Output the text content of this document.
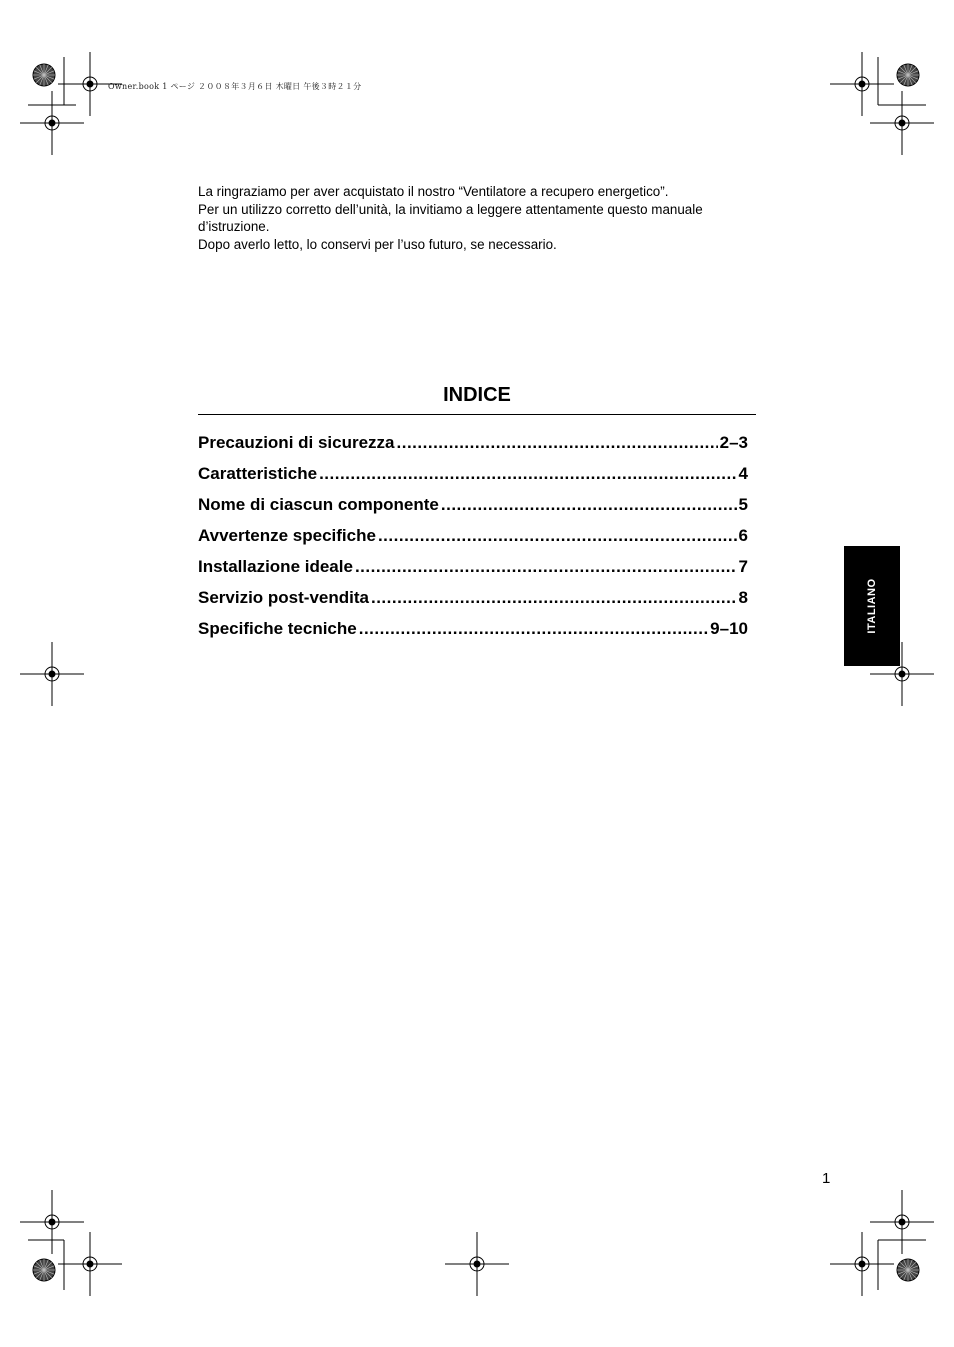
Owner.book 1 ページ ２００８年３月６日 木曜日 午後３時２１分

La ringraziamo per aver acquistato il nostro “Ventilatore a recupero energetico”.

Per un utilizzo corretto dell’unità, la invitiamo a leggere attentamente questo manuale d’istruzione.

Dopo averlo letto, lo conservi per l’uso futuro, se necessario.

INDICE
Precauzioni di sicurezza .....	2–3
Caratteristiche .....	4
Nome di ciascun componente .....	5
Avvertenze specifiche .....	6
Installazione ideale .....	7
Servizio post-vendita .....	8
Specifiche tecniche .....	9–10	ITALIANO
1
